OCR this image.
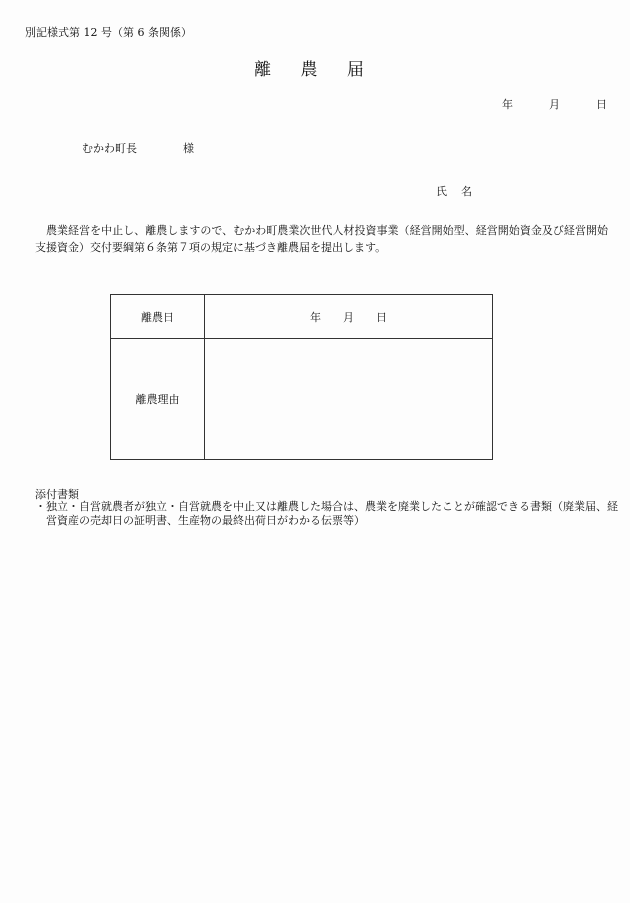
別記様式第 12 号（第 6 条関係）
離 農 届
年	月	日
むかわ町長	様
氏 名
農業経営を中止し、離農しますので、むかわ町農業次世代人材投資事業（経営開始型、経営開始資金及び経営開始支援資金）交付要綱第６条第７項の規定に基づき離農届を提出します。
離農日	年 月 日
離農理由	
添付書類
・独立・自営就農者が独立・自営就農を中止又は離農した場合は、農業を廃業したことが確認できる書類（廃業届、経営資産の売却日の証明書、生産物の最終出荷日がわかる伝票等）
